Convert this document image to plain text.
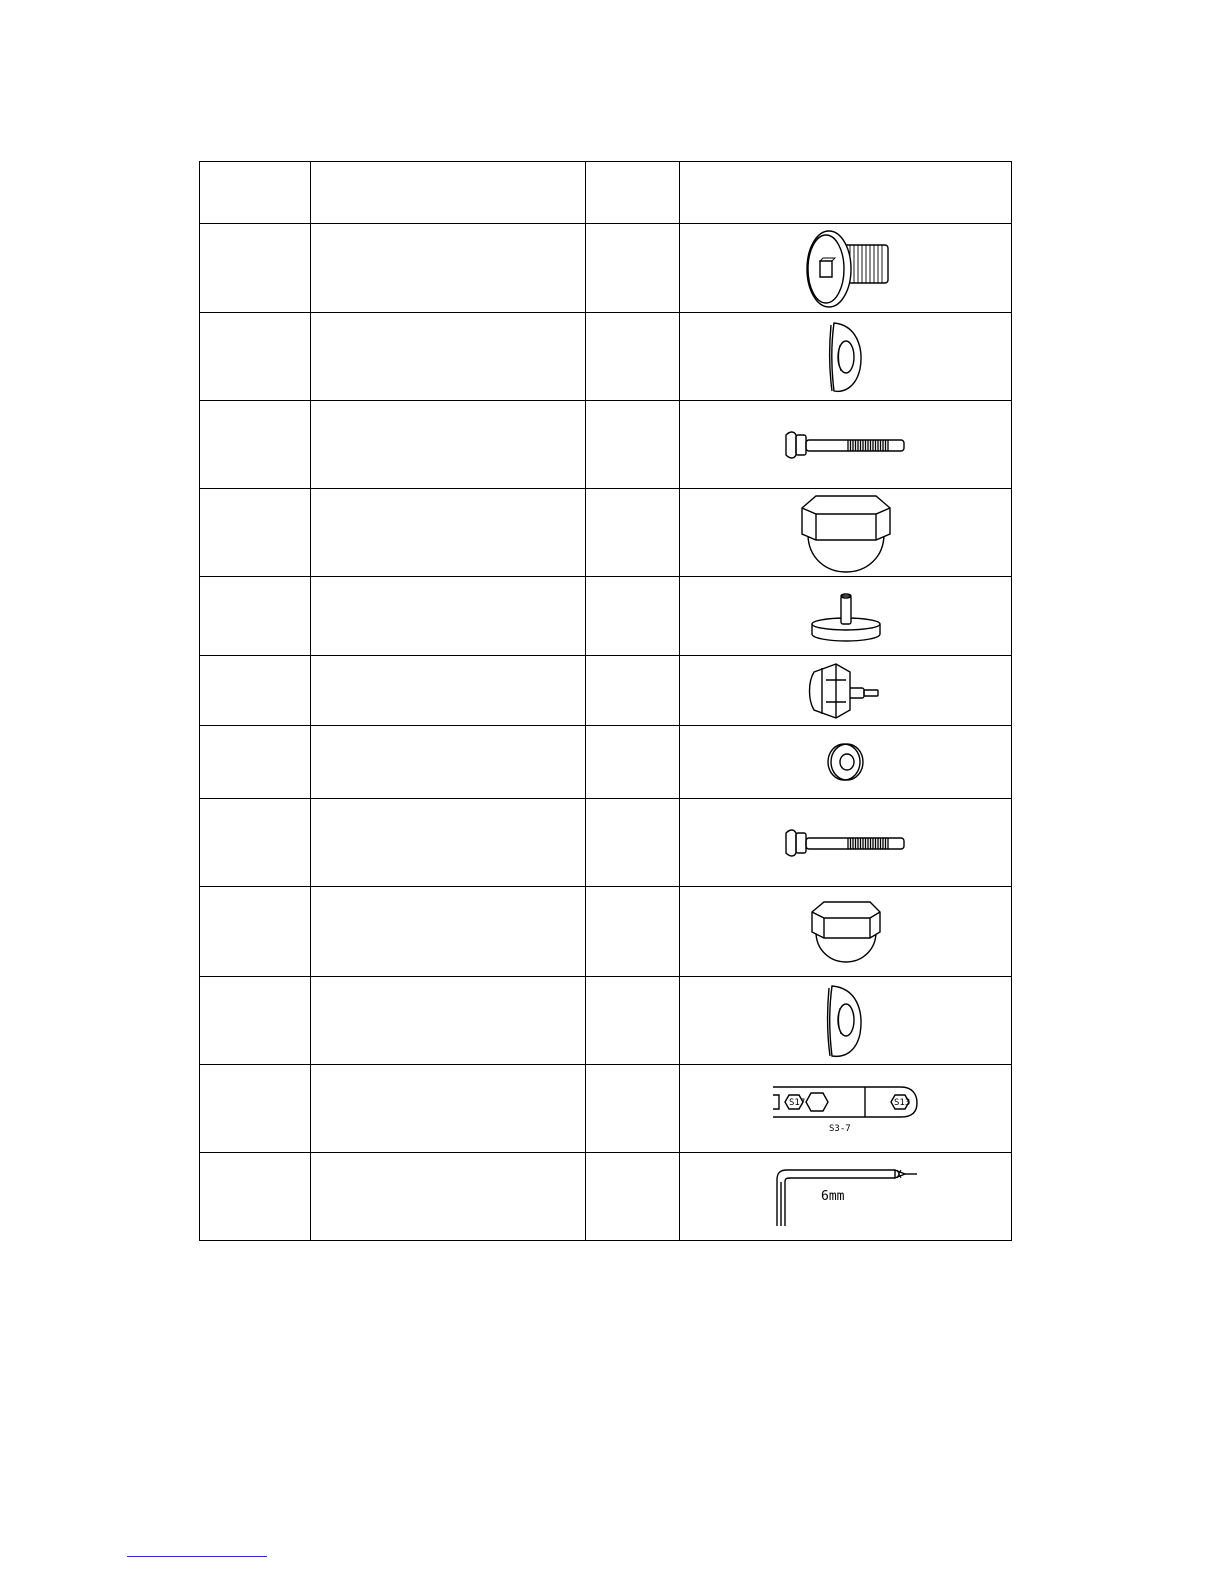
S17 S13
S3-7

6mm
